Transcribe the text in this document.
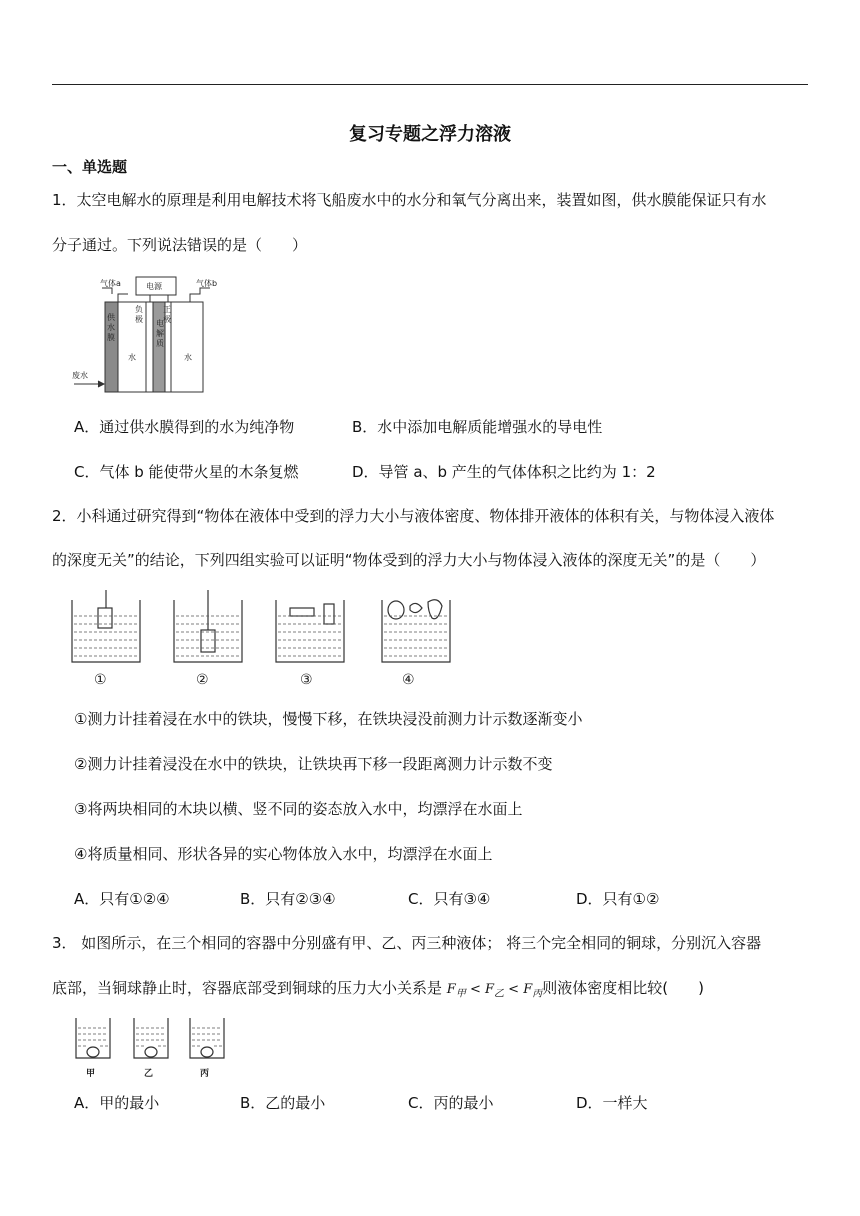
复习专题之浮力溶液
一、单选题
1．太空电解水的原理是利用电解技术将飞船废水中的水分和氧气分离出来，装置如图，供水膜能保证只有水
分子通过。下列说法错误的是（　　）
气体a	电源	气体b
水	水
废水
供水膜
电解质
负极
正极
A．通过供水膜得到的水为纯净物	B．水中添加电解质能增强水的导电性
C．气体 b 能使带火星的木条复燃	D．导管 a、b 产生的气体体积之比约为 1：2
2．小科通过研究得到“物体在液体中受到的浮力大小与液体密度、物体排开液体的体积有关，与物体浸入液体
的深度无关”的结论，下列四组实验可以证明“物体受到的浮力大小与物体浸入液体的深度无关”的是（　　）
①	②	③	④
①测力计挂着浸在水中的铁块，慢慢下移，在铁块浸没前测力计示数逐渐变小
②测力计挂着浸没在水中的铁块，让铁块再下移一段距离测力计示数不变
③将两块相同的木块以横、竖不同的姿态放入水中，均漂浮在水面上
④将质量相同、形状各异的实心物体放入水中，均漂浮在水面上
A．只有①②④	B．只有②③④	C．只有③④	D．只有①②
3． 如图所示，在三个相同的容器中分别盛有甲、乙、丙三种液体； 将三个完全相同的铜球，分别沉入容器
底部，当铜球静止时，容器底部受到铜球的压力大小关系是 $F_甲 < F_乙 < F_丙$则液体密度相比较(　　)
甲	乙	丙
A．甲的最小	B．乙的最小	C．丙的最小	D．一样大
